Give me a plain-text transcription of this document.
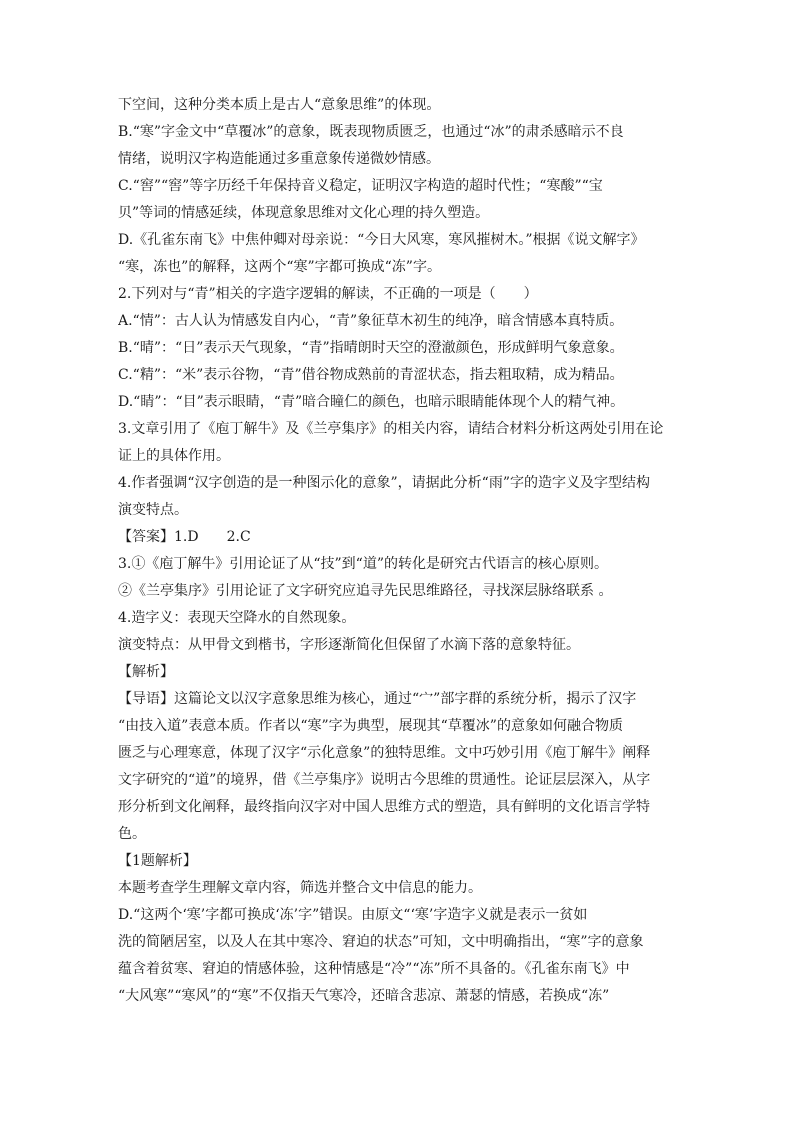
下空间，这种分类本质上是古人“意象思维”的体现。
B.“寒”字金文中“草覆冰”的意象，既表现物质匮乏，也通过“冰”的肃杀感暗示不良
情绪，说明汉字构造能通过多重意象传递微妙情感。
C.“窖”“窖”等字历经千年保持音义稳定，证明汉字构造的超时代性；“寒酸”“宝
贝”等词的情感延续，体现意象思维对文化心理的持久塑造。
D.《孔雀东南飞》中焦仲卿对母亲说：“今日大风寒，寒风摧树木。”根据《说文解字》
“寒，冻也”的解释，这两个“寒”字都可换成“冻”字。
2.下列对与“青”相关的字造字逻辑的解读，不正确的一项是（　　）
A.“情”：古人认为情感发自内心，“青”象征草木初生的纯净，暗含情感本真特质。
B.“晴”：“日”表示天气现象，“青”指晴朗时天空的澄澈颜色，形成鲜明气象意象。
C.“精”：“米”表示谷物，“青”借谷物成熟前的青涩状态，指去粗取精，成为精品。
D.“睛”：“目”表示眼睛，“青”暗合瞳仁的颜色，也暗示眼睛能体现个人的精气神。
3.文章引用了《庖丁解牛》及《兰亭集序》的相关内容，请结合材料分析这两处引用在论
证上的具体作用。
4.作者强调“汉字创造的是一种图示化的意象”，请据此分析“雨”字的造字义及字型结构
演变特点。
【答案】1.D　　2.C
3.①《庖丁解牛》引用论证了从“技”到“道”的转化是研究古代语言的核心原则。
②《兰亭集序》引用论证了文字研究应追寻先民思维路径，寻找深层脉络联系 。
4.造字义：表现天空降水的自然现象。
演变特点：从甲骨文到楷书，字形逐渐简化但保留了水滴下落的意象特征。
【解析】
【导语】这篇论文以汉字意象思维为核心，通过“宀”部字群的系统分析，揭示了汉字
“由技入道”表意本质。作者以“寒”字为典型，展现其“草覆冰”的意象如何融合物质
匮乏与心理寒意，体现了汉字“示化意象”的独特思维。文中巧妙引用《庖丁解牛》阐释
文字研究的“道”的境界，借《兰亭集序》说明古今思维的贯通性。论证层层深入，从字
形分析到文化阐释，最终指向汉字对中国人思维方式的塑造，具有鲜明的文化语言学特
色。
【1题解析】
本题考查学生理解文章内容，筛选并整合文中信息的能力。
D.“这两个‘寒’字都可换成‘冻’字”错误。由原文“‘寒’字造字义就是表示一贫如
洗的简陋居室，以及人在其中寒冷、窘迫的状态”可知，文中明确指出，“寒”字的意象
蕴含着贫寒、窘迫的情感体验，这种情感是“冷”“冻”所不具备的。《孔雀东南飞》中
“大风寒”“寒风”的“寒”不仅指天气寒冷，还暗含悲凉、萧瑟的情感，若换成“冻”
